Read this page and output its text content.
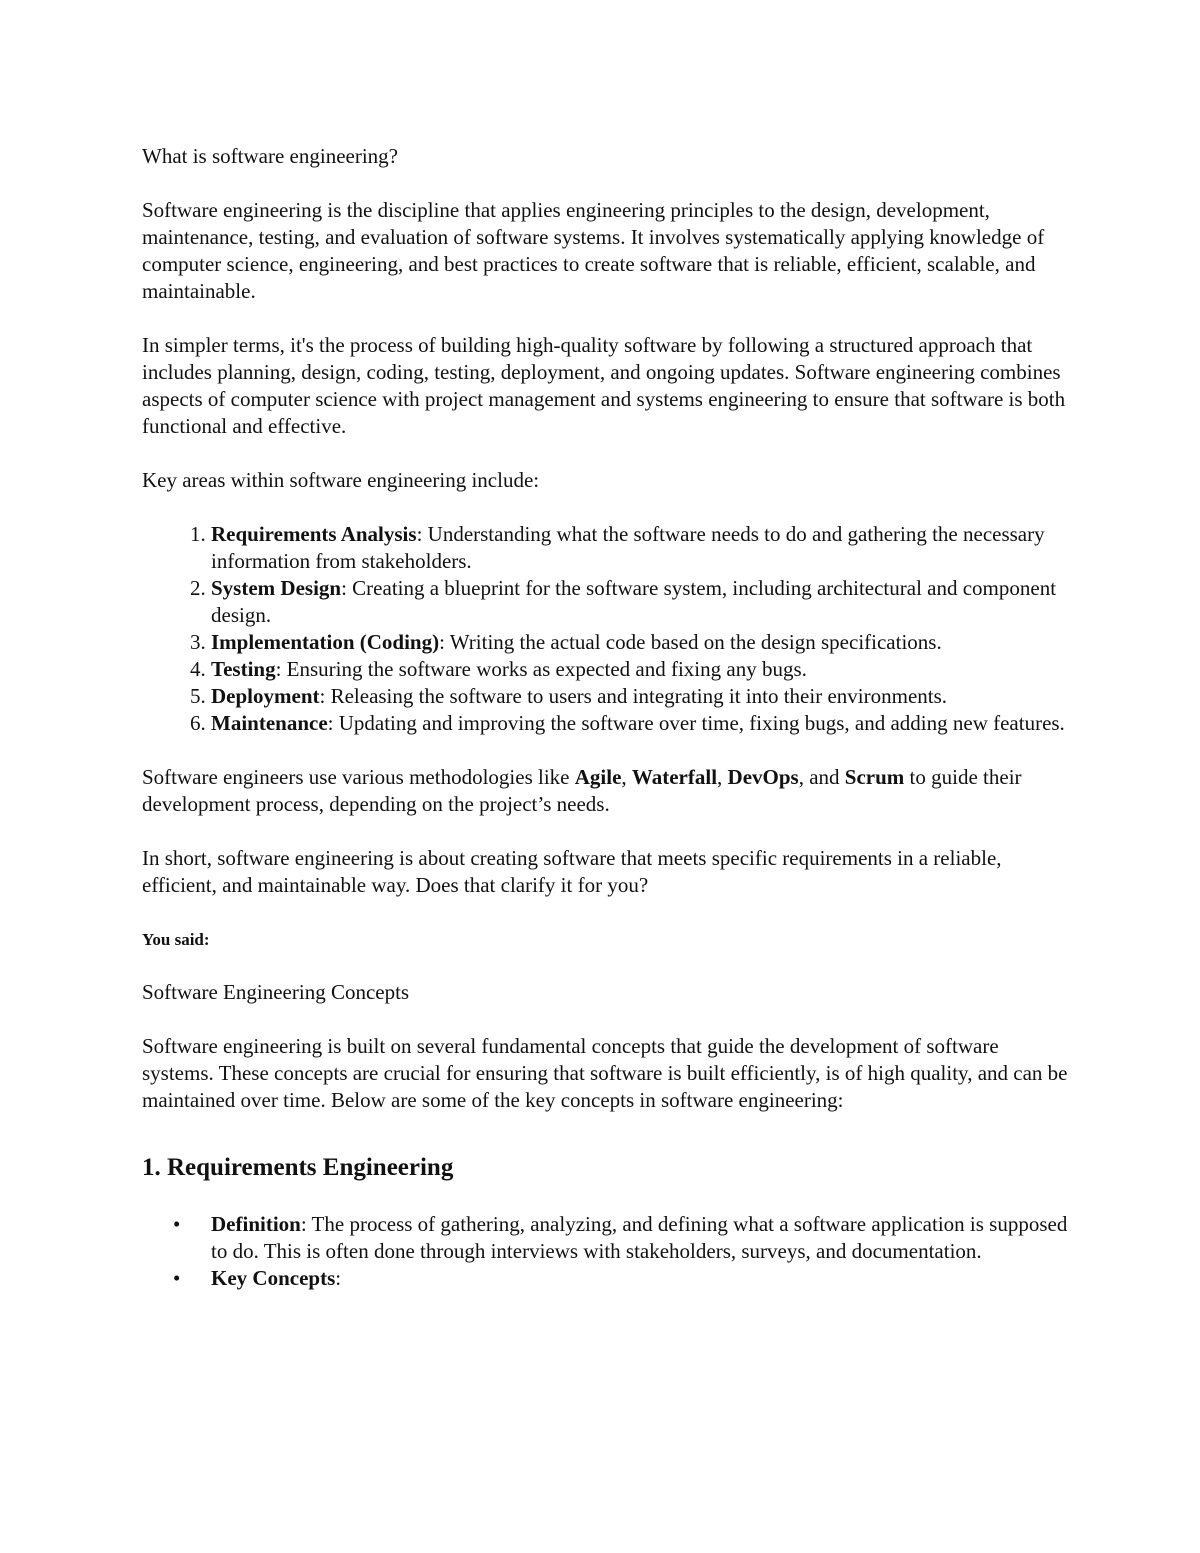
What is software engineering?

Software engineering is the discipline that applies engineering principles to the design, development, maintenance, testing, and evaluation of software systems. It involves systematically applying knowledge of computer science, engineering, and best practices to create software that is reliable, efficient, scalable, and maintainable.

In simpler terms, it's the process of building high-quality software by following a structured approach that includes planning, design, coding, testing, deployment, and ongoing updates. Software engineering combines aspects of computer science with project management and systems engineering to ensure that software is both functional and effective.

Key areas within software engineering include:

1. Requirements Analysis: Understanding what the software needs to do and gathering the necessary information from stakeholders.
2. System Design: Creating a blueprint for the software system, including architectural and component design.
3. Implementation (Coding): Writing the actual code based on the design specifications.
4. Testing: Ensuring the software works as expected and fixing any bugs.
5. Deployment: Releasing the software to users and integrating it into their environments.
6. Maintenance: Updating and improving the software over time, fixing bugs, and adding new features.

Software engineers use various methodologies like Agile, Waterfall, DevOps, and Scrum to guide their development process, depending on the project’s needs.

In short, software engineering is about creating software that meets specific requirements in a reliable, efficient, and maintainable way. Does that clarify it for you?

You said:

Software Engineering Concepts

Software engineering is built on several fundamental concepts that guide the development of software systems. These concepts are crucial for ensuring that software is built efficiently, is of high quality, and can be maintained over time. Below are some of the key concepts in software engineering:

1. Requirements Engineering
• Definition: The process of gathering, analyzing, and defining what a software application is supposed to do. This is often done through interviews with stakeholders, surveys, and documentation.
• Key Concepts:
